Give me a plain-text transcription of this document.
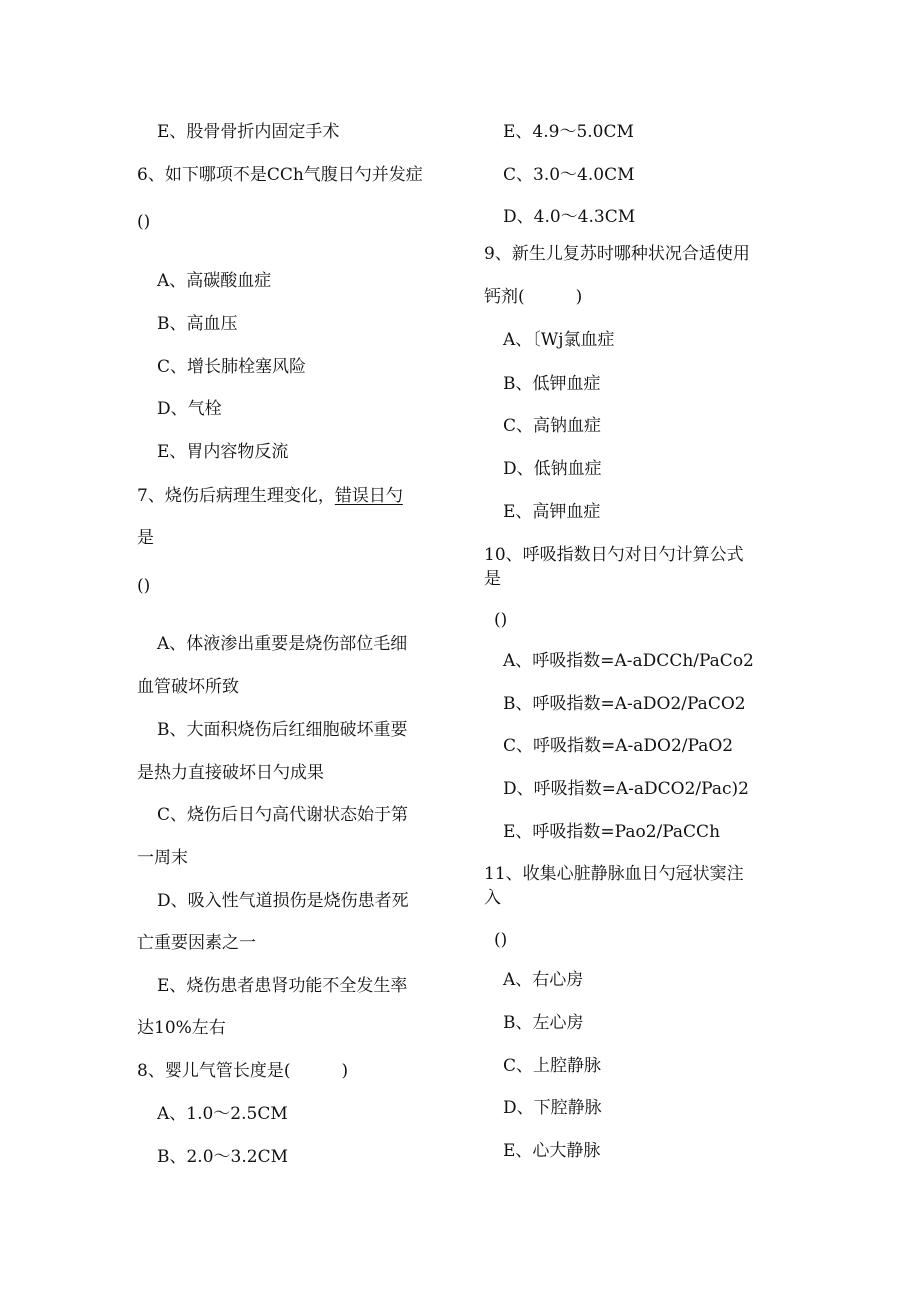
E、股骨骨折内固定手术
6、如下哪项不是CCh气腹日勺并发症
()
A、高碳酸血症
B、高血压
C、增长肺栓塞风险
D、气栓
E、胃内容物反流
7、烧伤后病理生理变化，错误日勺
是
()
A、体液渗出重要是烧伤部位毛细
血管破坏所致
B、大面积烧伤后红细胞破坏重要
是热力直接破坏日勺成果
C、烧伤后日勺高代谢状态始于第
一周末
D、吸入性气道损伤是烧伤患者死
亡重要因素之一
E、烧伤患者患肾功能不全发生率
达10%左右
8、婴儿气管长度是(　　　)
A、1.0～2.5CM
B、2.0～3.2CM
E、4.9～5.0CM
C、3.0～4.0CM
D、4.0～4.3CM
9、新生儿复苏时哪种状况合适使用
钙剂(　　　)
A、〔Wj氯血症
B、低钾血症
C、高钠血症
D、低钠血症
E、高钾血症
10、呼吸指数日勺对日勺计算公式
是
()
A、呼吸指数=A-aDCCh/PaCo2
B、呼吸指数=A-aDO2/PaCO2
C、呼吸指数=A-aDO2/PaO2
D、呼吸指数=A-aDCO2/Pac)2
E、呼吸指数=Pao2/PaCCh
11、收集心脏静脉血日勺冠状窦注
入
()
A、右心房
B、左心房
C、上腔静脉
D、下腔静脉
E、心大静脉
